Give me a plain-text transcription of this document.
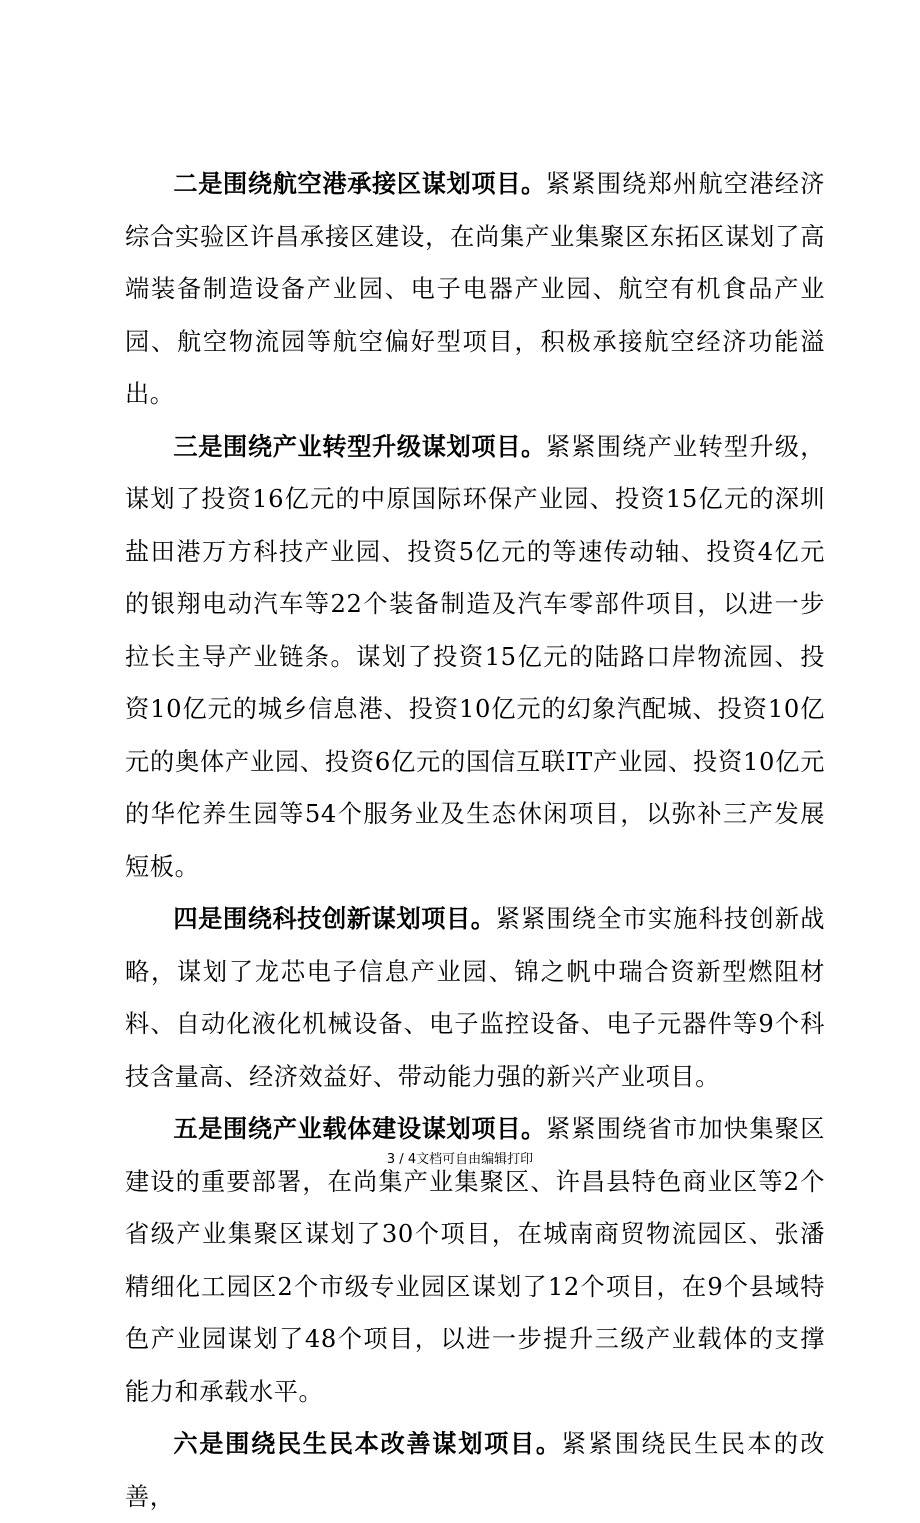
二是围绕航空港承接区谋划项目。紧紧围绕郑州航空港经济综合实验区许昌承接区建设，在尚集产业集聚区东拓区谋划了高端装备制造设备产业园、电子电器产业园、航空有机食品产业园、航空物流园等航空偏好型项目，积极承接航空经济功能溢出。

三是围绕产业转型升级谋划项目。紧紧围绕产业转型升级，谋划了投资16亿元的中原国际环保产业园、投资15亿元的深圳盐田港万方科技产业园、投资5亿元的等速传动轴、投资4亿元的银翔电动汽车等22个装备制造及汽车零部件项目，以进一步拉长主导产业链条。谋划了投资15亿元的陆路口岸物流园、投资10亿元的城乡信息港、投资10亿元的幻象汽配城、投资10亿元的奥体产业园、投资6亿元的国信互联IT产业园、投资10亿元的华佗养生园等54个服务业及生态休闲项目，以弥补三产发展短板。

四是围绕科技创新谋划项目。紧紧围绕全市实施科技创新战略，谋划了龙芯电子信息产业园、锦之帆中瑞合资新型燃阻材料、自动化液化机械设备、电子监控设备、电子元器件等9个科技含量高、经济效益好、带动能力强的新兴产业项目。

五是围绕产业载体建设谋划项目。紧紧围绕省市加快集聚区建设的重要部署，在尚集产业集聚区、许昌县特色商业区等2个省级产业集聚区谋划了30个项目，在城南商贸物流园区、张潘精细化工园区2个市级专业园区谋划了12个项目，在9个县域特色产业园谋划了48个项目，以进一步提升三级产业载体的支撑能力和承载水平。

六是围绕民生民本改善谋划项目。紧紧围绕民生民本的改善，

3 / 4文档可自由编辑打印
